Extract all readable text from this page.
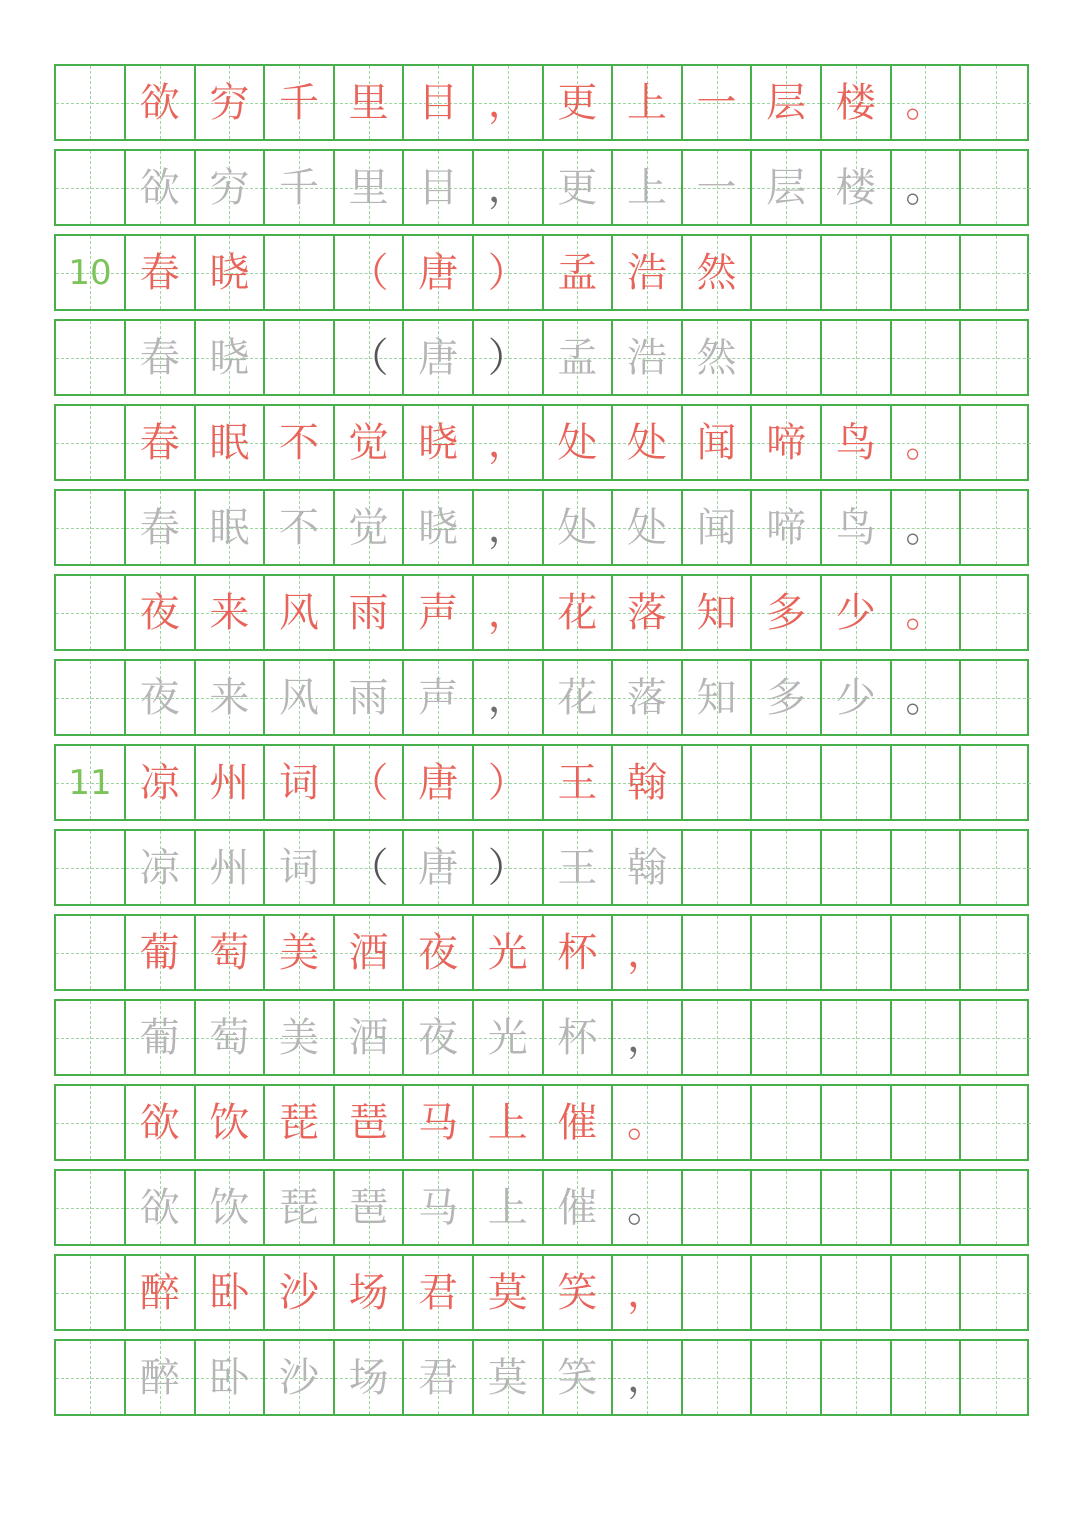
欲 穷 千 里 目 ， 更 上 一 层 楼 。
欲 穷 千 里 目 ， 更 上 一 层 楼 。
10 春 晓 （ 唐 ） 孟 浩 然
春 晓 （ 唐 ） 孟 浩 然
春 眠 不 觉 晓 ， 处 处 闻 啼 鸟 。
春 眠 不 觉 晓 ， 处 处 闻 啼 鸟 。
夜 来 风 雨 声 ， 花 落 知 多 少 。
夜 来 风 雨 声 ， 花 落 知 多 少 。
11 凉 州 词 （ 唐 ） 王 翰
凉 州 词 （ 唐 ） 王 翰
葡 萄 美 酒 夜 光 杯 ，
葡 萄 美 酒 夜 光 杯 ，
欲 饮 琵 琶 马 上 催 。
欲 饮 琵 琶 马 上 催 。
醉 卧 沙 场 君 莫 笑 ，
醉 卧 沙 场 君 莫 笑 ，
